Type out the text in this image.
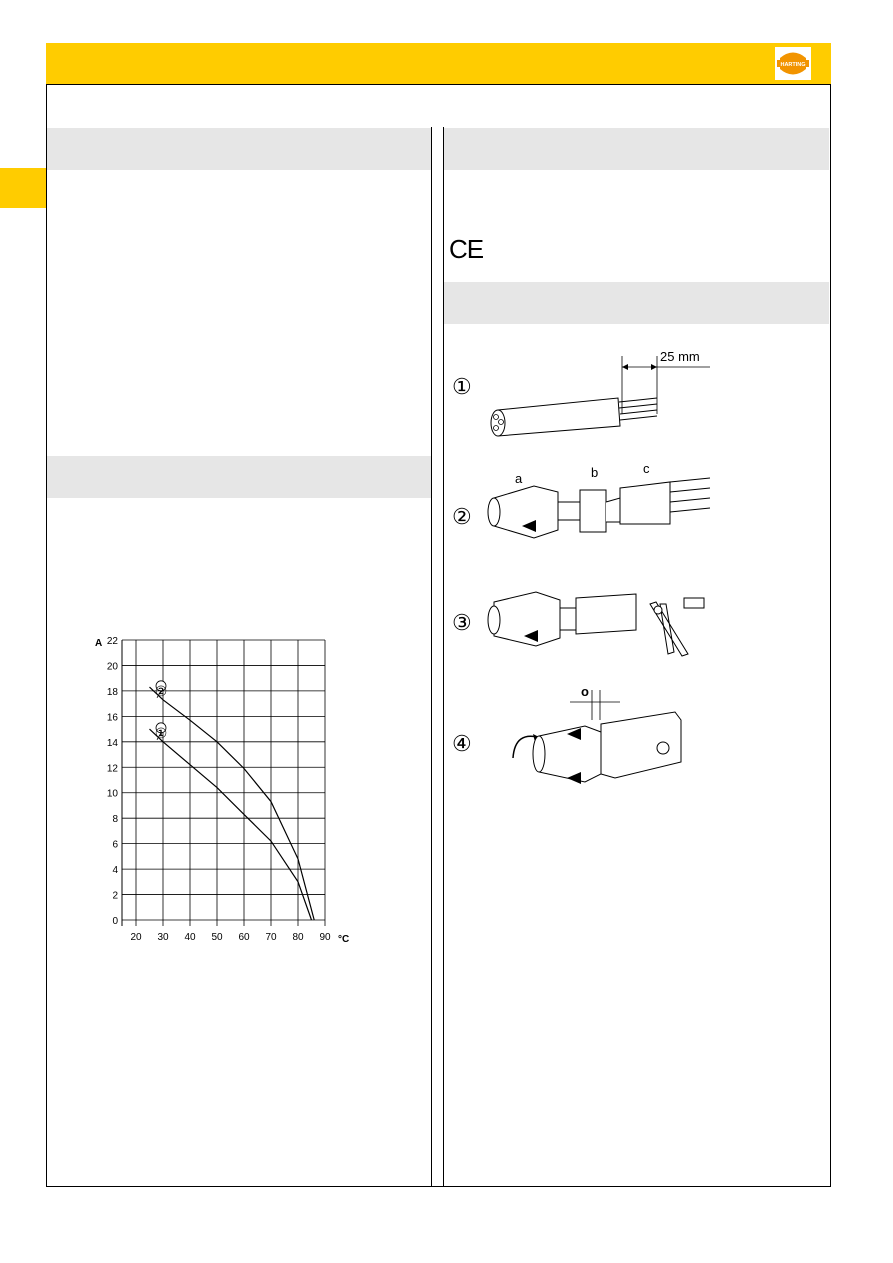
HARTING
CE
0
2
4
6
8
10
12
14
16
18
20
22
20 30 40 50 60 70 80 90
①
②
A
°C
①
②
③
④
25 mm
a	b	c
o
